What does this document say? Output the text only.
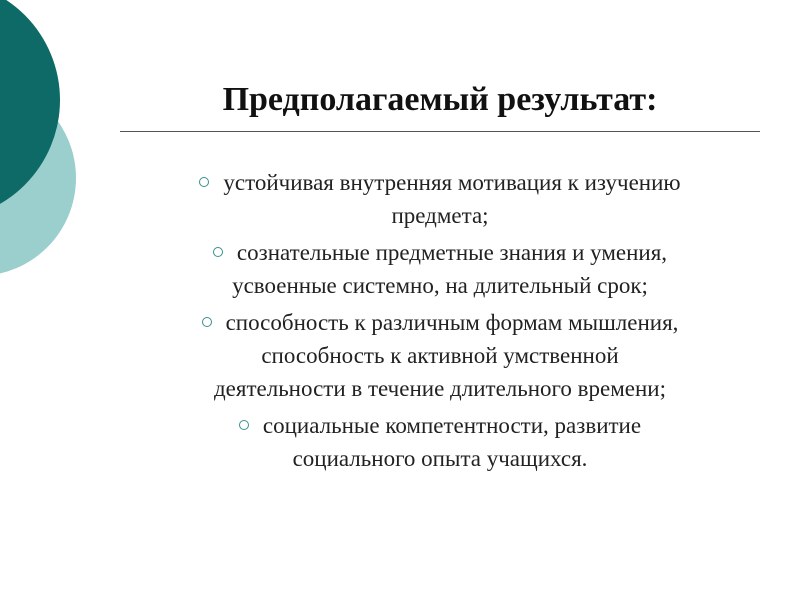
Предполагаемый результат:
устойчивая внутренняя мотивация к изучению
предмета;
сознательные предметные знания и умения,
усвоенные системно, на длительный срок;
способность к различным формам мышления,
способность к активной умственной
деятельности в течение длительного времени;
социальные компетентности, развитие
социального опыта учащихся.
